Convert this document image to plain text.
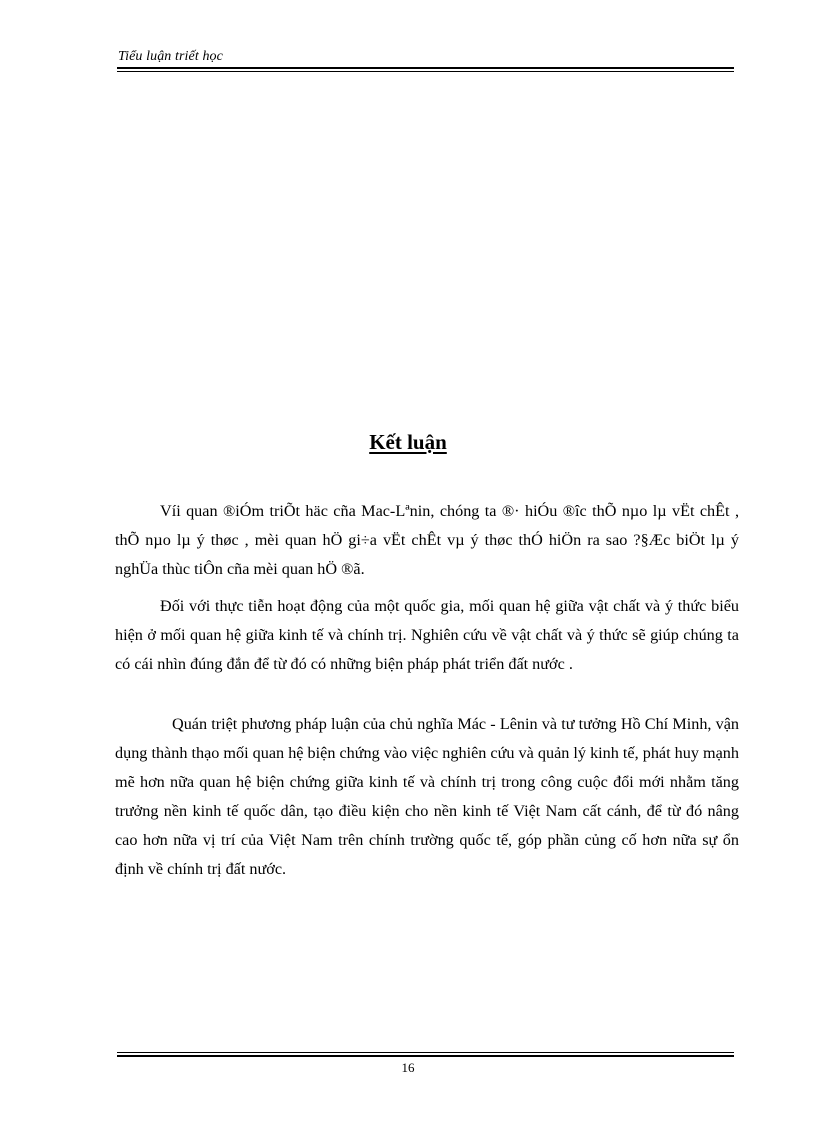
Tiểu luận triết học
Kết luận
Víi quan ®iÓm triÕt häc cña Mac-Lªnin, chóng ta ®· hiÓu ®îc thÕ nµo lµ vËt chÊt , thÕ nµo lµ ý thøc , mèi quan hÖ gi÷a vËt chÊt vµ ý thøc thÓ hiÖn ra sao ?§Æc biÖt lµ ý nghÜa thùc tiÔn cña mèi quan hÖ ®ã.
Đối với thực tiễn hoạt động của một quốc gia, mối quan hệ giữa vật chất và ý thức biểu hiện ở mối quan hệ giữa kinh tế và chính trị. Nghiên cứu về vật chất và ý thức sẽ giúp chúng ta có cái nhìn đúng đắn để từ đó có những biện pháp phát triển đất nước .
Quán triệt phương pháp luận của chủ nghĩa Mác - Lênin và tư tưởng Hồ Chí Minh, vận dụng thành thạo mối quan hệ biện chứng vào việc nghiên cứu và quản lý kinh tế, phát huy mạnh mẽ hơn nữa quan hệ biện chứng giữa kinh tế và chính trị trong công cuộc đổi mới nhằm tăng trưởng nền kinh tế quốc dân, tạo điều kiện cho nền kinh tế Việt Nam cất cánh, để từ đó nâng cao hơn nữa vị trí của Việt Nam trên chính trường quốc tế, góp phần củng cố hơn nữa sự ổn định về chính trị đất nước.
16
